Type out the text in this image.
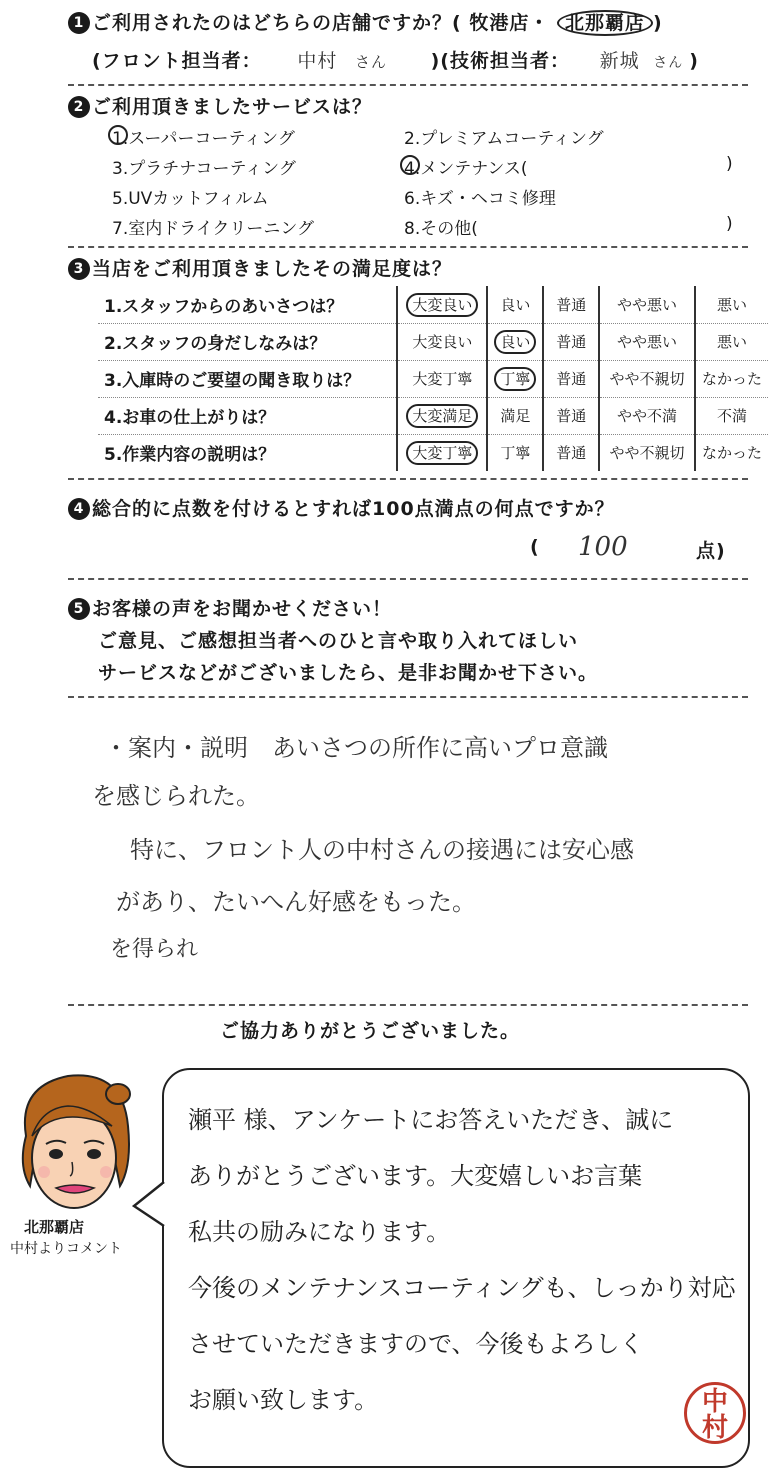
1 ご利用されたのはどちらの店舗ですか？( 牧港店・ 北那覇店 )
(フロント担当者： 中村 さん )(技術担当者： 新城 さん )
2 ご利用頂きましたサービスは？
1.スーパーコーティング	2.プレミアムコーティング
3.プラチナコーティング	4.メンテナンス(	)
5.UVカットフィルム	6.キズ・ヘコミ修理
7.室内ドライクリーニング	8.その他(	)
3 当店をご利用頂きましたその満足度は？
1.スタッフからのあいさつは？	大変良い	良い	普通	やや悪い	悪い
2.スタッフの身だしなみは？	大変良い	良い	普通	やや悪い	悪い
3.入庫時のご要望の聞き取りは？	大変丁寧	丁寧	普通	やや不親切	なかった
4.お車の仕上がりは？	大変満足	満足	普通	やや不満	不満
5.作業内容の説明は？	大変丁寧	丁寧	普通	やや不親切	なかった
4 総合的に点数を付けるとすれば100点満点の何点ですか？
( 100	点)
5 お客様の声をお聞かせください！
ご意見、ご感想担当者へのひと言や取り入れてほしい
サービスなどがございましたら、是非お聞かせ下さい。
・案内・説明　あいさつの所作に高いプロ意識
を感じられた。
特に、フロント人の中村さんの接遇には安心感
があり、たいへん好感をもった。
を得られ
ご協力ありがとうございました。
北那覇店
中村よりコメント
瀬平 様、アンケートにお答えいただき、誠に
ありがとうございます。大変嬉しいお言葉
私共の励みになります。
今後のメンテナンスコーティングも、しっかり対応
させていただきますので、今後もよろしく
お願い致します。	中
村
